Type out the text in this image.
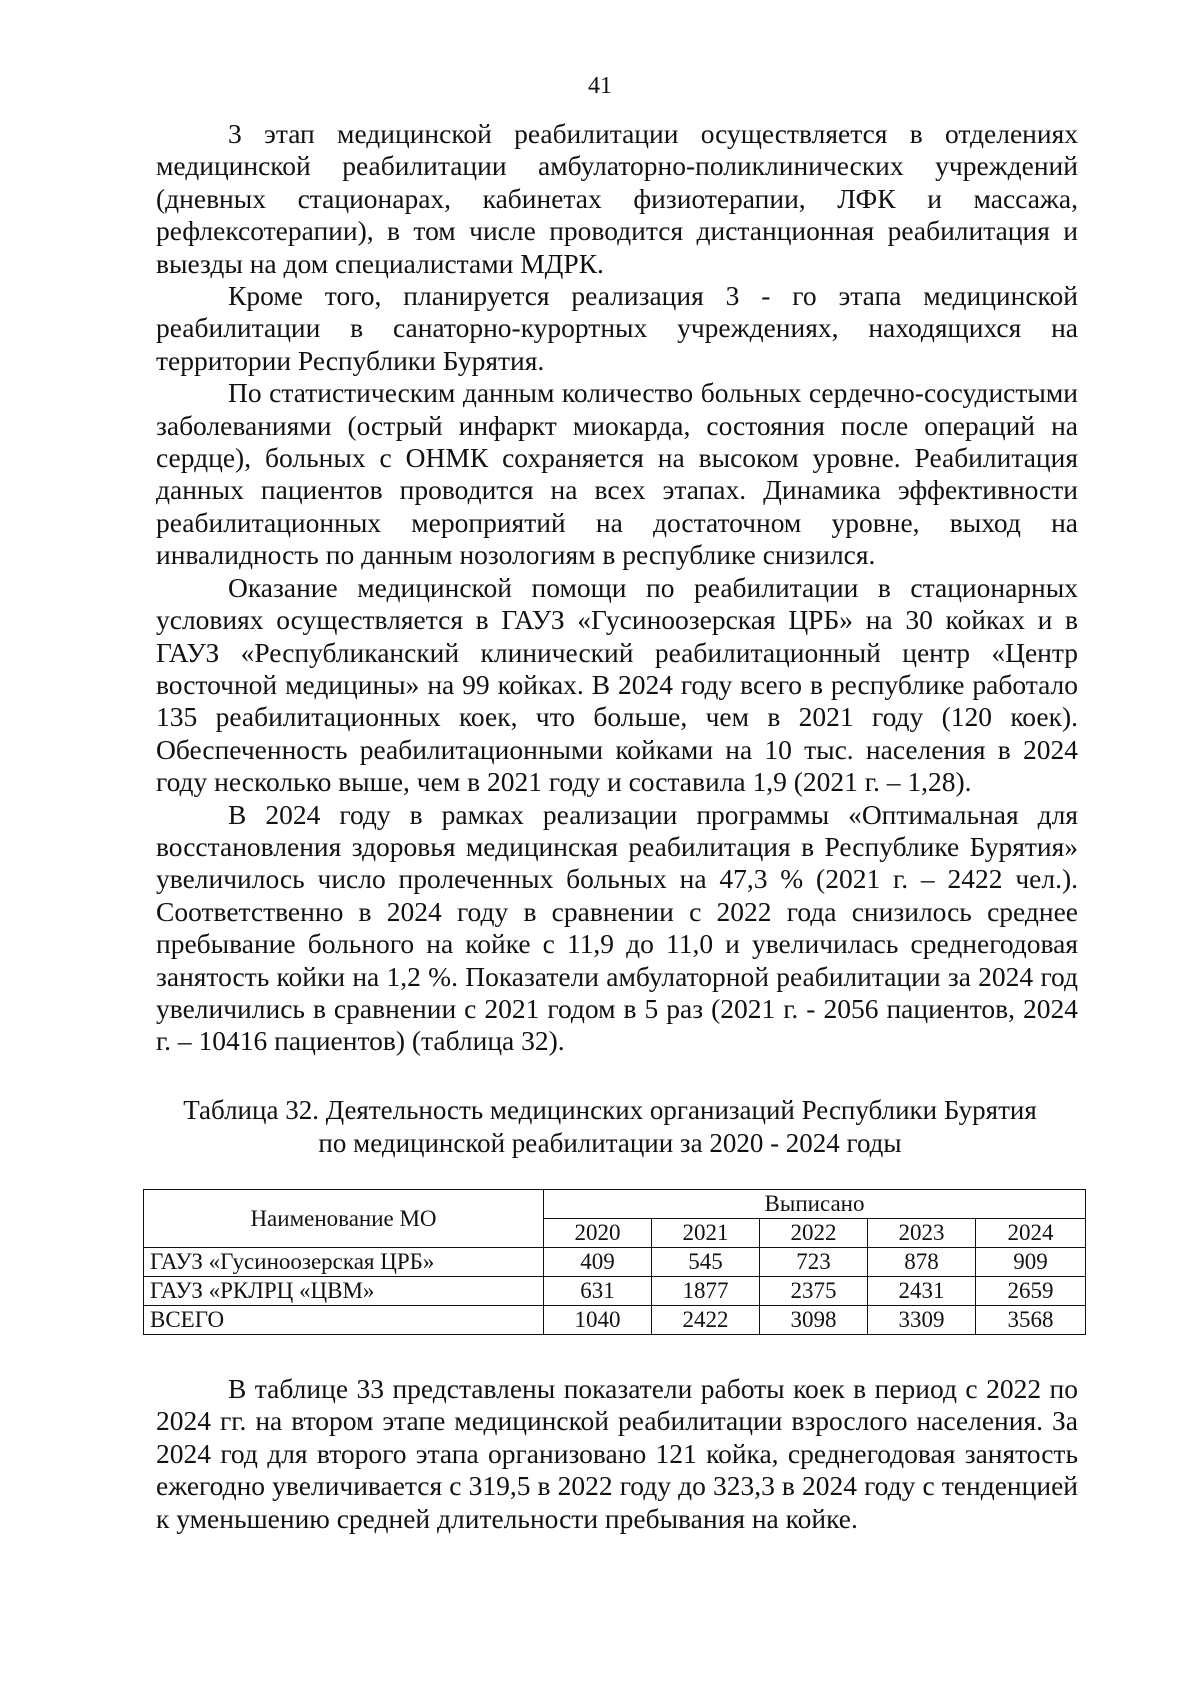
41

3 этап медицинской реабилитации осуществляется в отделениях медицинской реабилитации амбулаторно-поликлинических учреждений (дневных стационарах, кабинетах физиотерапии, ЛФК и массажа, рефлексотерапии), в том числе проводится дистанционная реабилитация и выезды на дом специалистами МДРК.

Кроме того, планируется реализация 3 - го этапа медицинской реабилитации в санаторно-курортных учреждениях, находящихся на территории Республики Бурятия.

По статистическим данным количество больных сердечно-сосудистыми заболеваниями (острый инфаркт миокарда, состояния после операций на сердце), больных с ОНМК сохраняется на высоком уровне. Реабилитация данных пациентов проводится на всех этапах. Динамика эффективности реабилитационных мероприятий на достаточном уровне, выход на инвалидность по данным нозологиям в республике снизился.

Оказание медицинской помощи по реабилитации в стационарных условиях осуществляется в ГАУЗ «Гусиноозерская ЦРБ» на 30 койках и в ГАУЗ «Республиканский клинический реабилитационный центр «Центр восточной медицины» на 99 койках. В 2024 году всего в республике работало 135 реабилитационных коек, что больше, чем в 2021 году (120 коек). Обеспеченность реабилитационными койками на 10 тыс. населения в 2024 году несколько выше, чем в 2021 году и составила 1,9 (2021 г. – 1,28).

В 2024 году в рамках реализации программы «Оптимальная для восстановления здоровья медицинская реабилитация в Республике Бурятия» увеличилось число пролеченных больных на 47,3 % (2021 г. – 2422 чел.). Соответственно в 2024 году в сравнении с 2022 года снизилось среднее пребывание больного на койке с 11,9 до 11,0 и увеличилась среднегодовая занятость койки на 1,2 %. Показатели амбулаторной реабилитации за 2024 год увеличились в сравнении с 2021 годом в 5 раз (2021 г. - 2056 пациентов, 2024 г. – 10416 пациентов) (таблица 32).

Таблица 32. Деятельность медицинских организаций Республики Бурятия
по медицинской реабилитации за 2020 - 2024 годы
Наименование МО	Выписано				
	2020	2021	2022	2023	2024
ГАУЗ «Гусиноозерская ЦРБ»	409	545	723	878	909
ГАУЗ «РКЛРЦ «ЦВМ»	631	1877	2375	2431	2659
ВСЕГО	1040	2422	3098	3309	3568

В таблице 33 представлены показатели работы коек в период с 2022 по 2024 гг. на втором этапе медицинской реабилитации взрослого населения. За 2024 год для второго этапа организовано 121 койка, среднегодовая занятость ежегодно увеличивается с 319,5 в 2022 году до 323,3 в 2024 году с тенденцией к уменьшению средней длительности пребывания на койке.
